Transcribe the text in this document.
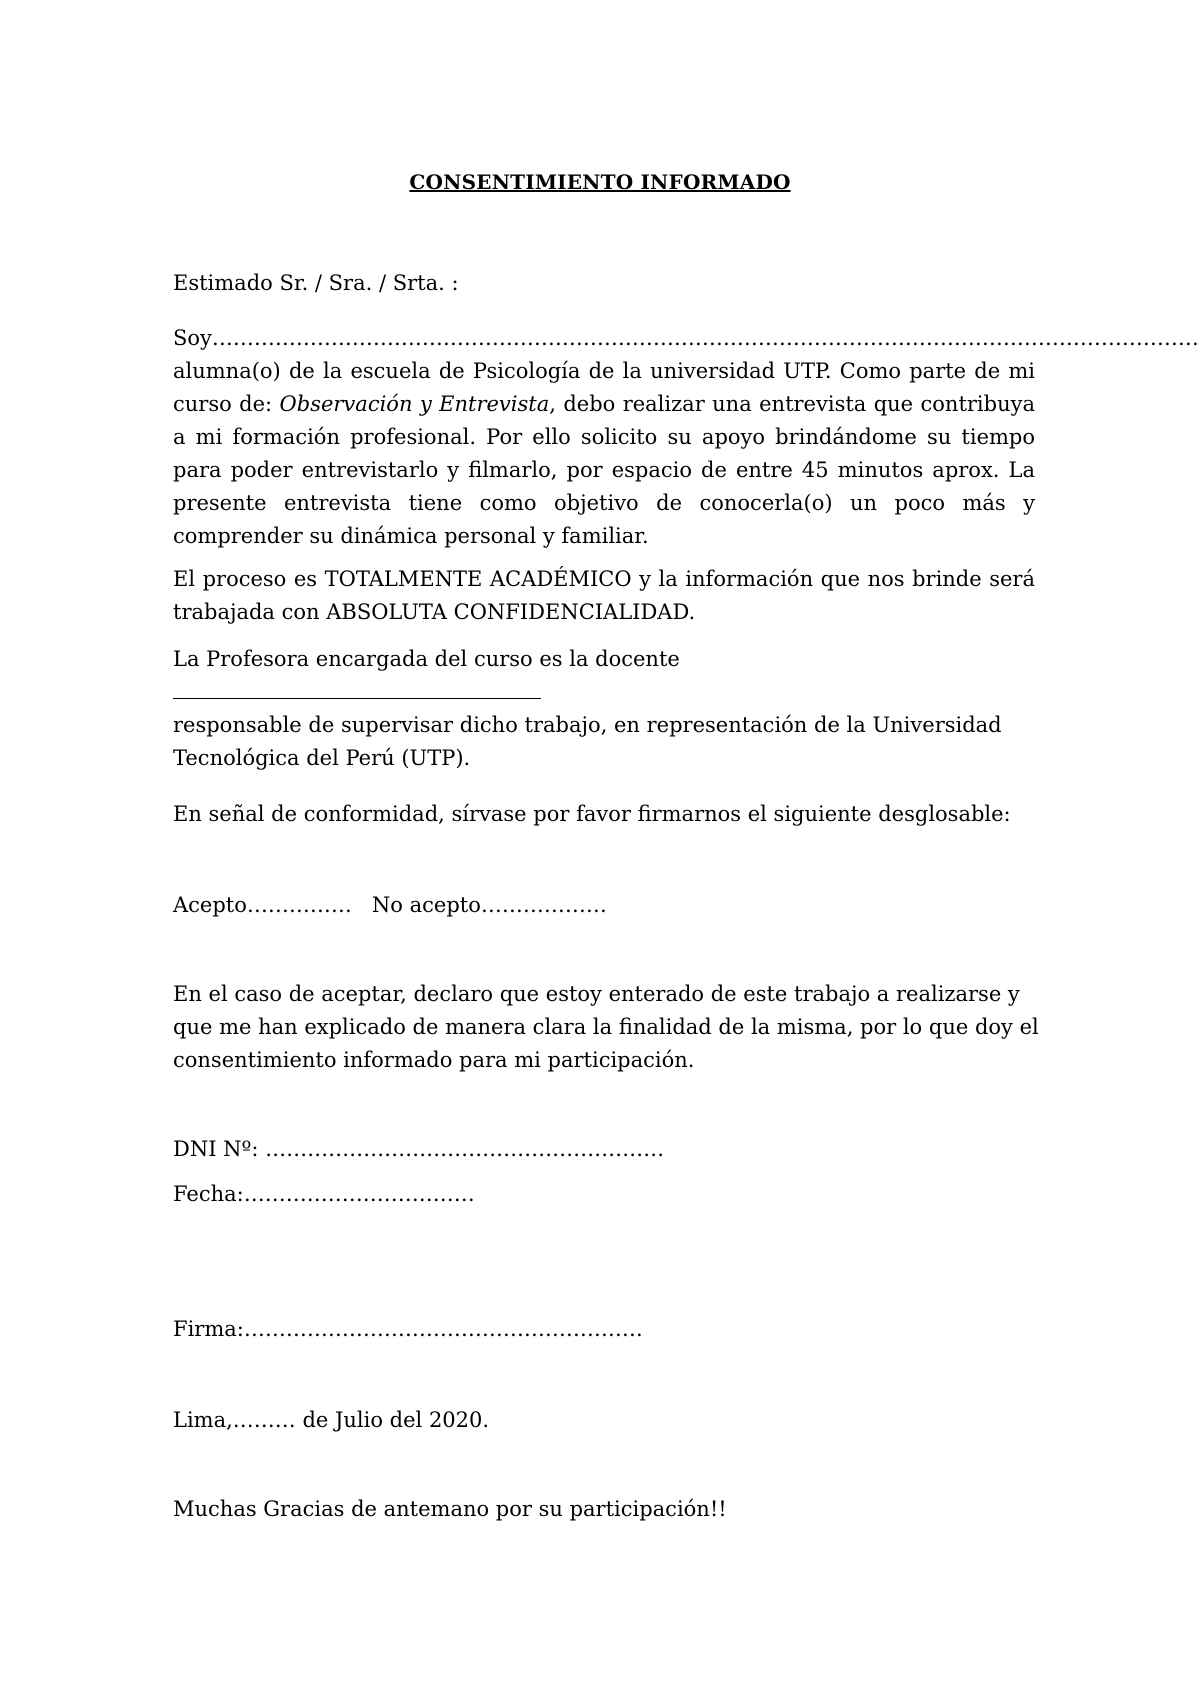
CONSENTIMIENTO INFORMADO
Estimado Sr. / Sra. / Srta. :
Soy……………………………………………………………………………………………………………………………
alumna(o) de la escuela de Psicología de la universidad UTP. Como parte de mi curso de: Observación y Entrevista, debo realizar una entrevista que contribuya a mi formación profesional. Por ello solicito su apoyo brindándome su tiempo para poder entrevistarlo y filmarlo, por espacio de entre 45 minutos aprox. La presente entrevista tiene como objetivo de conocerla(o) un poco más y comprender su dinámica personal y familiar.
El proceso es TOTALMENTE ACADÉMICO y la información que nos brinde será trabajada con ABSOLUTA CONFIDENCIALIDAD.
La Profesora encargada del curso es la docente
responsable de supervisar dicho trabajo, en representación de la Universidad Tecnológica del Perú (UTP).
En señal de conformidad, sírvase por favor firmarnos el siguiente desglosable:
Acepto…………… No acepto………………
En el caso de aceptar, declaro que estoy enterado de este trabajo a realizarse y que me han explicado de manera clara la finalidad de la misma, por lo que doy el consentimiento informado para mi participación.
DNI Nº: …………………………………………………
Fecha:……………………………
Firma:…………………………………………………
Lima,……… de Julio del 2020.
Muchas Gracias de antemano por su participación!!
